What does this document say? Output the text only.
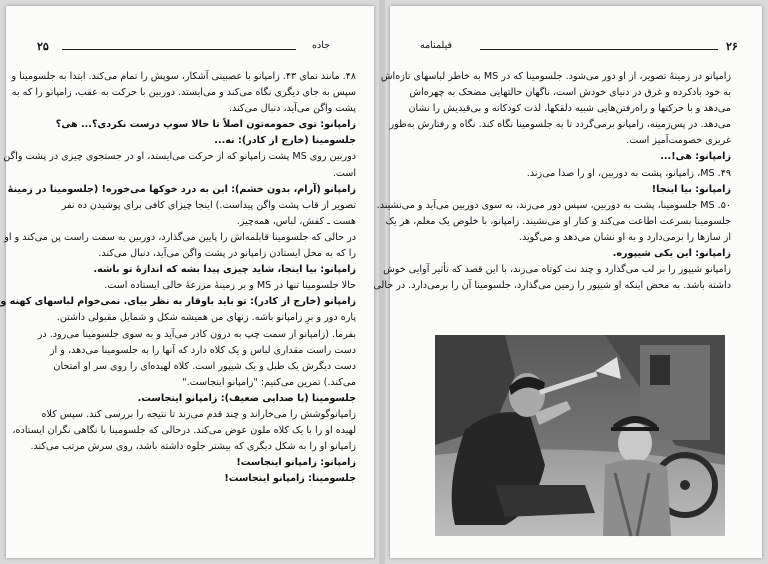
۲۵	جاده
۴۸. مانند نمای ۴۳. زامپانو با عصبیتی آشکار، سوپش را تمام می‌کند. ابتدا به جلسومینا و
سپس به جای دیگری نگاه می‌کند و می‌ایستد. دوربین با حرکت به عقب، زامپانو را که به
پشت واگن می‌آید، دنبال می‌کند.
زامپانو: توی حمومه‌تون اصلاً تا حالا سوپ درست نکردی؟... هی؟
جلسومینا (خارج از کادر): نه...
دوربین روی MS پشت زامپانو که از حرکت می‌ایستد، او در جستجوی چیزی در پشت واگن
است.
زامپانو (آرام، بدون خشم): این به درد خوکها می‌خوره! (جلسومینا در زمینهٔ
تصویر از قاب پشت واگن پیداست.) اینجا چیزای کافی برای پوشیدن ده نفر
هست ـ کفش، لباس، همه‌چیز.
در حالی که جلسومینا قابلمه‌اش را پایین می‌گذارد، دوربین به سمت راست پن می‌کند و او
را که به محل ایستادن زامپانو در پشت واگن می‌آید، دنبال می‌کند.
زامپانو: بیا اینجا، شاید چیزی پیدا بشه که اندازهٔ تو باشه.
حالا جلسومینا تنها در MS و بر زمینهٔ مزرعهٔ خالی ایستاده است.
زامپانو (خارج از کادر): تو باید باوقار به نظر بیای. نمی‌خوام لباسهای کهنه و
پاره دور و برِ زامپانو باشه. زنهای من همیشه شکل و شمایل مقبولی داشتن.
بفرما. (زامپانو از سمت چپ به درون کادر می‌آید و به سوی جلسومینا می‌رود. در
دست راست مقداری لباس و یک کلاه دارد که آنها را به جلسومینا می‌دهد، و از
دست دیگرش یک طبل و یک شیپور است. کلاه لهیده‌ای را روی سر او امتحان
می‌کند.) تمرین می‌کنیم: "زامپانو اینجاست."
جلسومینا (با صدایی ضعیف): زامپانو اینجاست.
زامپانوگوشش را می‌خاراند و چند قدم می‌زند تا نتیجه را بررسی کند. سپس کلاه
لهیده او را با یک کلاه ملون عوض می‌کند. درحالی که جلسومینا با نگاهی نگران ایستاده،
زامپانو او را به شکل دیگری که بیشتر جلوه داشته باشد، روی سرش مرتب می‌کند.
زامپانو: زامپانو اینجاست!
جلسومینا: زامپانو اینجاست!
فیلمنامه	۲۶
زامپانو در زمینهٔ تصویر، از او دور می‌شود. جلسومینا که در MS به خاطر لباسهای تازه‌اش
به خود بادکرده و غرق در دنیای خودش است، ناگهان حالتهایی مضحک به چهره‌اش
می‌دهد و با حرکتها و راه‌رفتن‌هایی شبیه دلقکها، لذت کودکانه و بی‌قیدیش را نشان
می‌دهد. در پس‌زمینه، زامپانو برمی‌گردد تا به جلسومینا نگاه کند. نگاه و رفتارش به‌طور
غریزی خصومت‌آمیز است.
زامپانو: هی!...
۴۹. MS، زامپانو، پشت به دوربین، او را صدا می‌زند.
زامپانو: بیا اینجا!
۵۰. MS جلسومینا، پشت به دوربین، سپس دور می‌زند، به سوی دوربین می‌آید و می‌نشیند.
جلسومینا بسرعت اطاعت می‌کند و کنار او می‌نشیند. زامپانو، با خلوص یک معلم، هر یک
از سازها را برمی‌دارد و به او نشان می‌دهد و می‌گوید.
زامپانو: این یکی شیپوره.
زامپانو شیپور را بر لب می‌گذارد و چند نت کوتاه می‌زند، با این قصد که تأثیر آوایی خوش
داشته باشد. به محض اینکه او شیپور را زمین می‌گذارد، جلسومینا آن را برمی‌دارد. در حالی
